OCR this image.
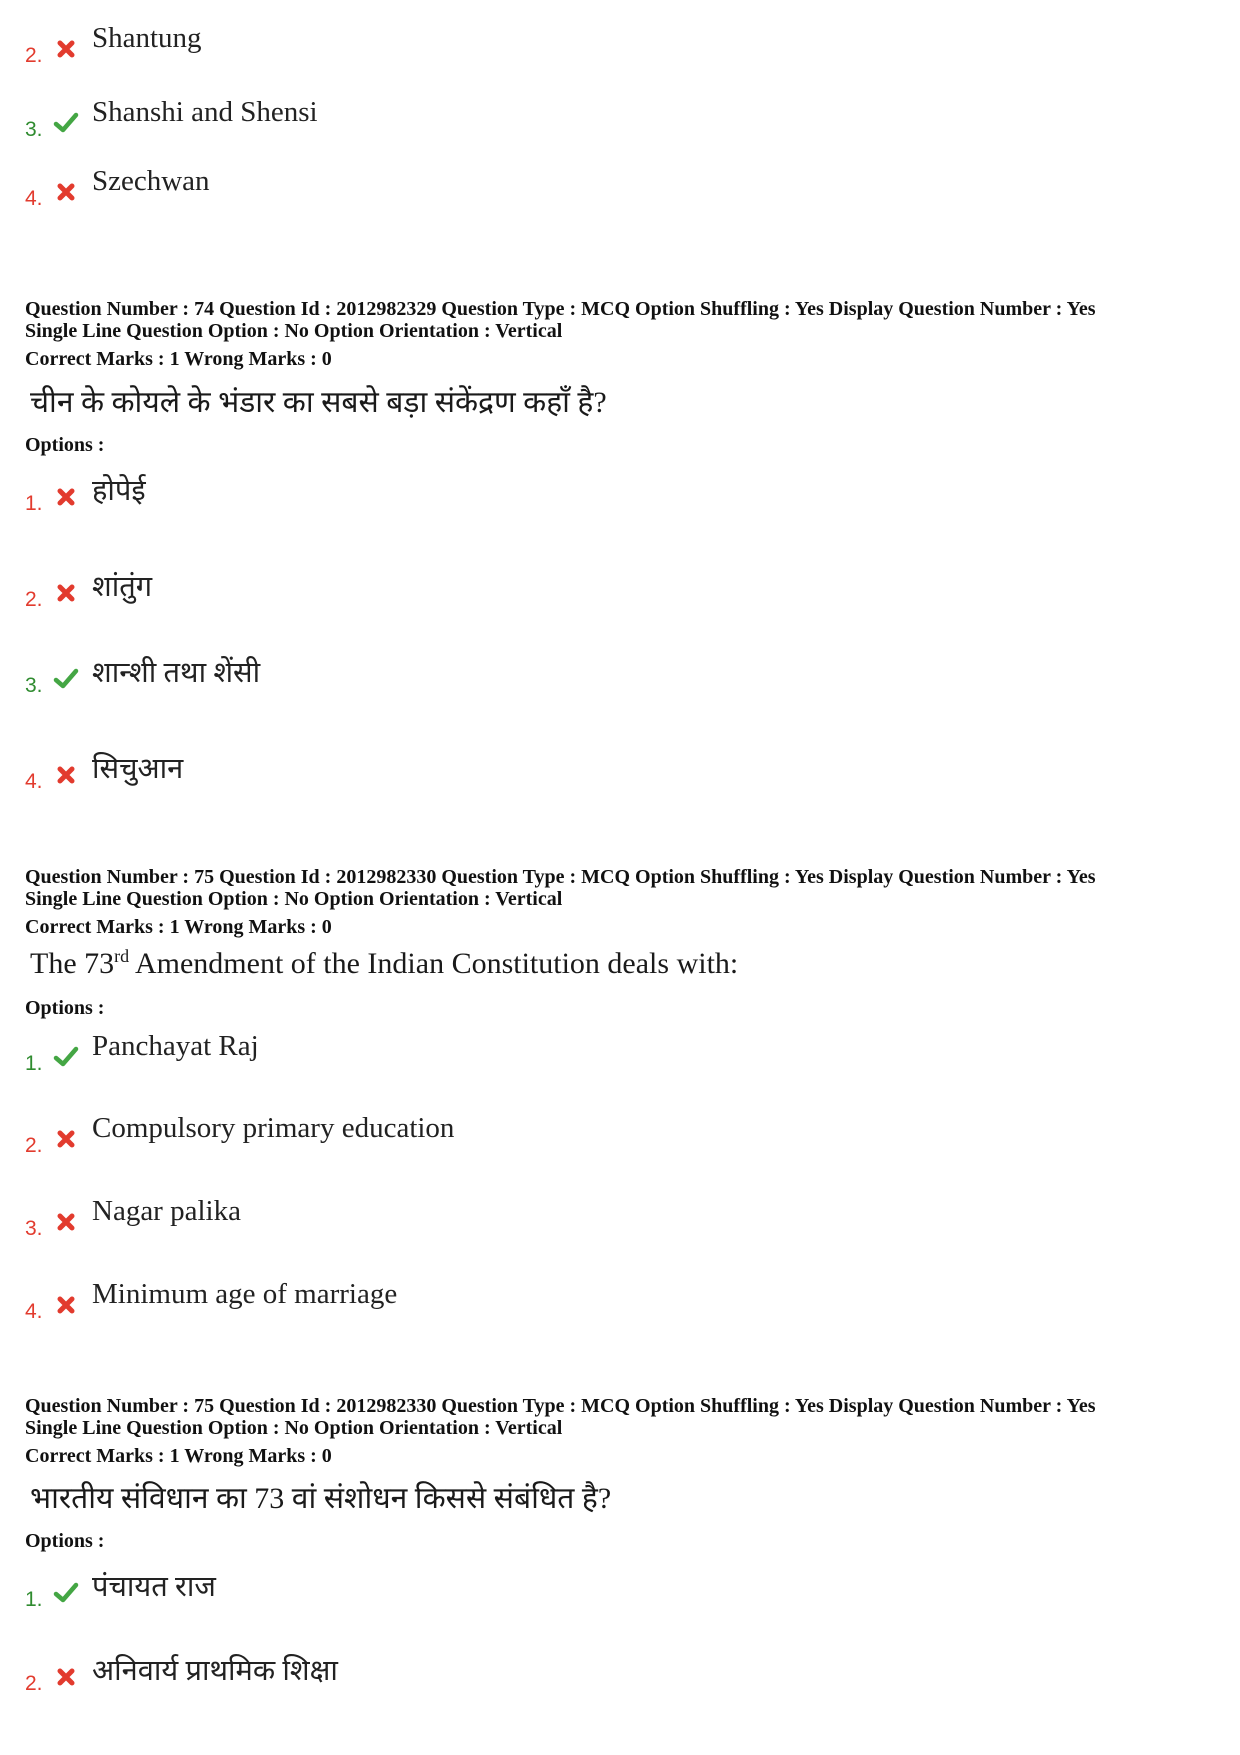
2.
Shantung
3.
Shanshi and Shensi
4.
Szechwan
Question Number : 74 Question Id : 2012982329 Question Type : MCQ Option Shuffling : Yes Display Question Number : Yes
Single Line Question Option : No Option Orientation : Vertical
Correct Marks : 1 Wrong Marks : 0
चीन के कोयले के भंडार का सबसे बड़ा संकेंद्रण कहाँ है?
Options :
1. होपेई
2. शांतुंग
3. शान्शी तथा शेंसी
4. सिचुआन
Question Number : 75 Question Id : 2012982330 Question Type : MCQ Option Shuffling : Yes Display Question Number : Yes
Single Line Question Option : No Option Orientation : Vertical
Correct Marks : 1 Wrong Marks : 0
The 73rd Amendment of the Indian Constitution deals with:
Options :
1.
Panchayat Raj
2.
Compulsory primary education
3.
Nagar palika
4.
Minimum age of marriage
Question Number : 75 Question Id : 2012982330 Question Type : MCQ Option Shuffling : Yes Display Question Number : Yes
Single Line Question Option : No Option Orientation : Vertical
Correct Marks : 1 Wrong Marks : 0
भारतीय संविधान का 73 वां संशोधन किससे संबंधित है?
Options :
1. पंचायत राज
2. अनिवार्य प्राथमिक शिक्षा
